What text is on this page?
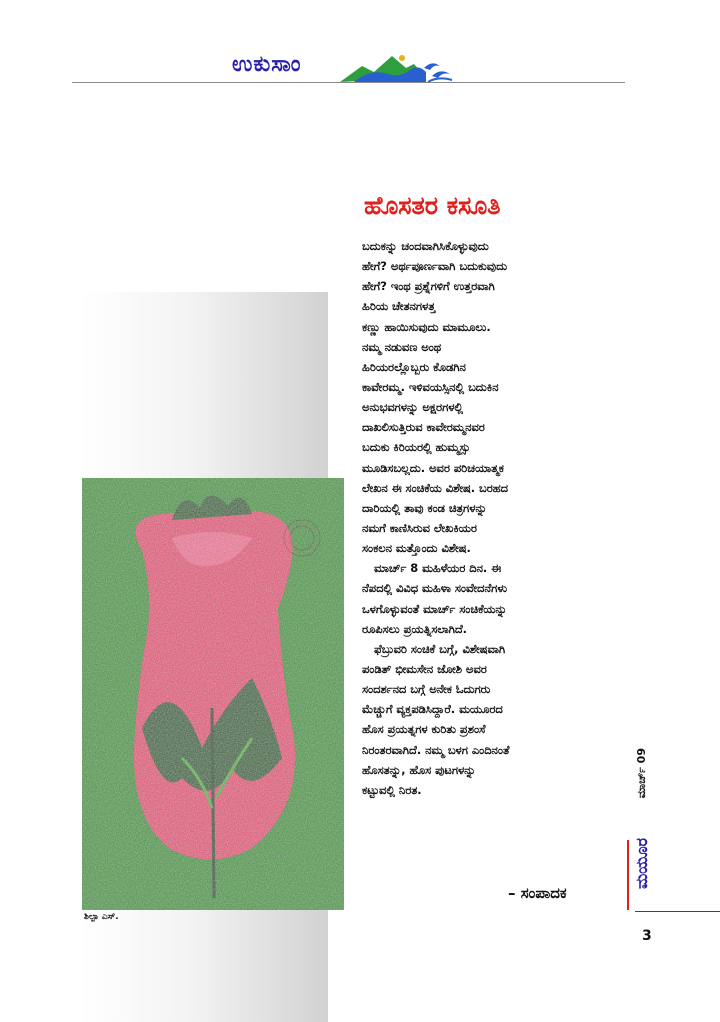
ಉಕುಸಾಂ
ಶಿಲ್ಪಾ ಎಸ್.
ಹೊಸತರ ಕಸೂತಿ
ಬದುಕನ್ನು ಚಂದವಾಗಿಸಿಕೊಳ್ಳುವುದು
ಹೇಗೆ? ಅರ್ಥಪೂರ್ಣವಾಗಿ ಬದುಕುವುದು
ಹೇಗೆ? ಇಂಥ ಪ್ರಶ್ನೆಗಳಿಗೆ ಉತ್ತರವಾಗಿ
ಹಿರಿಯ ಚೇತನಗಳತ್ತ
ಕಣ್ಣು ಹಾಯಿಸುವುದು ಮಾಮೂಲು.
ನಮ್ಮ ನಡುವಣ ಅಂಥ
ಹಿರಿಯರಲ್ಲೊಬ್ಬರು ಕೊಡಗಿನ
ಕಾವೇರಮ್ಮ. ಇಳಿವಯಸ್ಸಿನಲ್ಲಿ ಬದುಕಿನ
ಅನುಭವಗಳನ್ನು ಅಕ್ಷರಗಳಲ್ಲಿ
ದಾಖಲಿಸುತ್ತಿರುವ ಕಾವೇರಮ್ಮನವರ
ಬದುಕು ಕಿರಿಯರಲ್ಲಿ ಹುಮ್ಮಸ್ಸು
ಮೂಡಿಸಬಲ್ಲದು. ಅವರ ಪರಿಚಯಾತ್ಮಕ
ಲೇಖನ ಈ ಸಂಚಿಕೆಯ ವಿಶೇಷ. ಬರಹದ
ದಾರಿಯಲ್ಲಿ ತಾವು ಕಂಡ ಚಿತ್ರಗಳನ್ನು
ನಮಗೆ ಕಾಣಿಸಿರುವ ಲೇಖಕಿಯರ
ಸಂಕಲನ ಮತ್ತೊಂದು ವಿಶೇಷ.
ಮಾರ್ಚ್ 8 ಮಹಿಳೆಯರ ದಿನ. ಈ
ನೆಪದಲ್ಲಿ ವಿವಿಧ ಮಹಿಳಾ ಸಂವೇದನೆಗಳು
ಒಳಗೊಳ್ಳುವಂತೆ ಮಾರ್ಚ್ ಸಂಚಿಕೆಯನ್ನು
ರೂಪಿಸಲು ಪ್ರಯತ್ನಿಸಲಾಗಿದೆ.
ಫೆಬ್ರುವರಿ ಸಂಚಿಕೆ ಬಗ್ಗೆ, ವಿಶೇಷವಾಗಿ
ಪಂಡಿತ್ ಭೀಮಸೇನ ಜೋಶಿ ಅವರ
ಸಂದರ್ಶನದ ಬಗ್ಗೆ ಅನೇಕ ಓದುಗರು
ಮೆಚ್ಚುಗೆ ವ್ಯಕ್ತಪಡಿಸಿದ್ದಾರೆ. ಮಯೂರದ
ಹೊಸ ಪ್ರಯತ್ನಗಳ ಕುರಿತು ಪ್ರಶಂಸೆ
ನಿರಂತರವಾಗಿದೆ. ನಮ್ಮ ಬಳಗ ಎಂದಿನಂತೆ
ಹೊಸತನ್ನು, ಹೊಸ ಪುಟಗಳನ್ನು
ಕಟ್ಟುವಲ್ಲಿ ನಿರತ.
– ಸಂಪಾದಕ
ಮಾರ್ಚ್ 09
ಮಯೂರ
3
